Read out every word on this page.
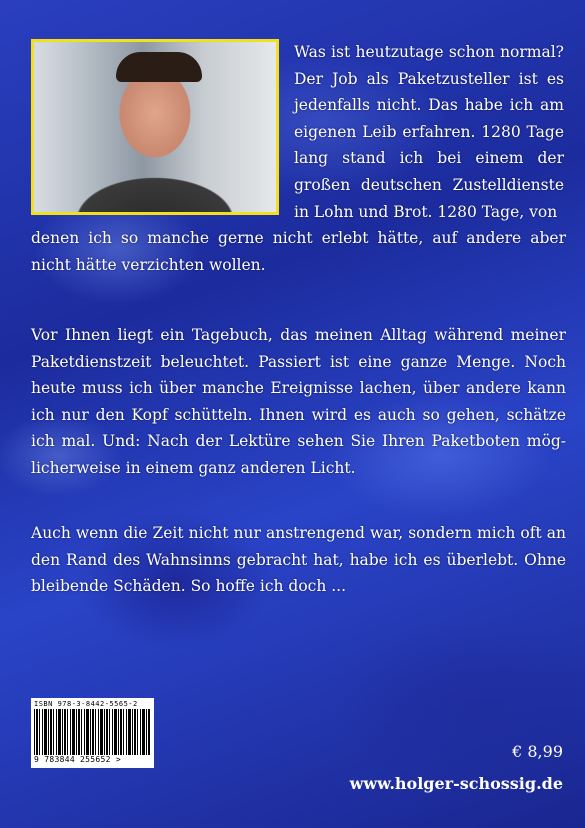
Was ist heutzutage schon normal? Der Job als Paketzusteller ist es jedenfalls nicht. Das habe ich am eigenen Leib erfahren. 1280 Tage lang stand ich bei einem der großen deutschen Zustelldienste in Lohn und Brot. 1280 Tage, von
denen ich so manche gerne nicht erlebt hätte, auf andere aber nicht hätte verzichten wollen.
Vor Ihnen liegt ein Tagebuch, das meinen Alltag während meiner Paketdienstzeit beleuchtet. Passiert ist eine ganze Menge. Noch heute muss ich über manche Ereignisse lachen, über andere kann ich nur den Kopf schütteln. Ihnen wird es auch so gehen, schätze ich mal. Und: Nach der Lektüre sehen Sie Ihren Paketboten mög-licherweise in einem ganz anderen Licht.
Auch wenn die Zeit nicht nur anstrengend war, sondern mich oft an den Rand des Wahnsinns gebracht hat, habe ich es überlebt. Ohne bleibende Schäden. So hoffe ich doch ...
ISBN 978-3-8442-5565-2
9 783844 255652 >	€ 8,99
www.holger-schossig.de
